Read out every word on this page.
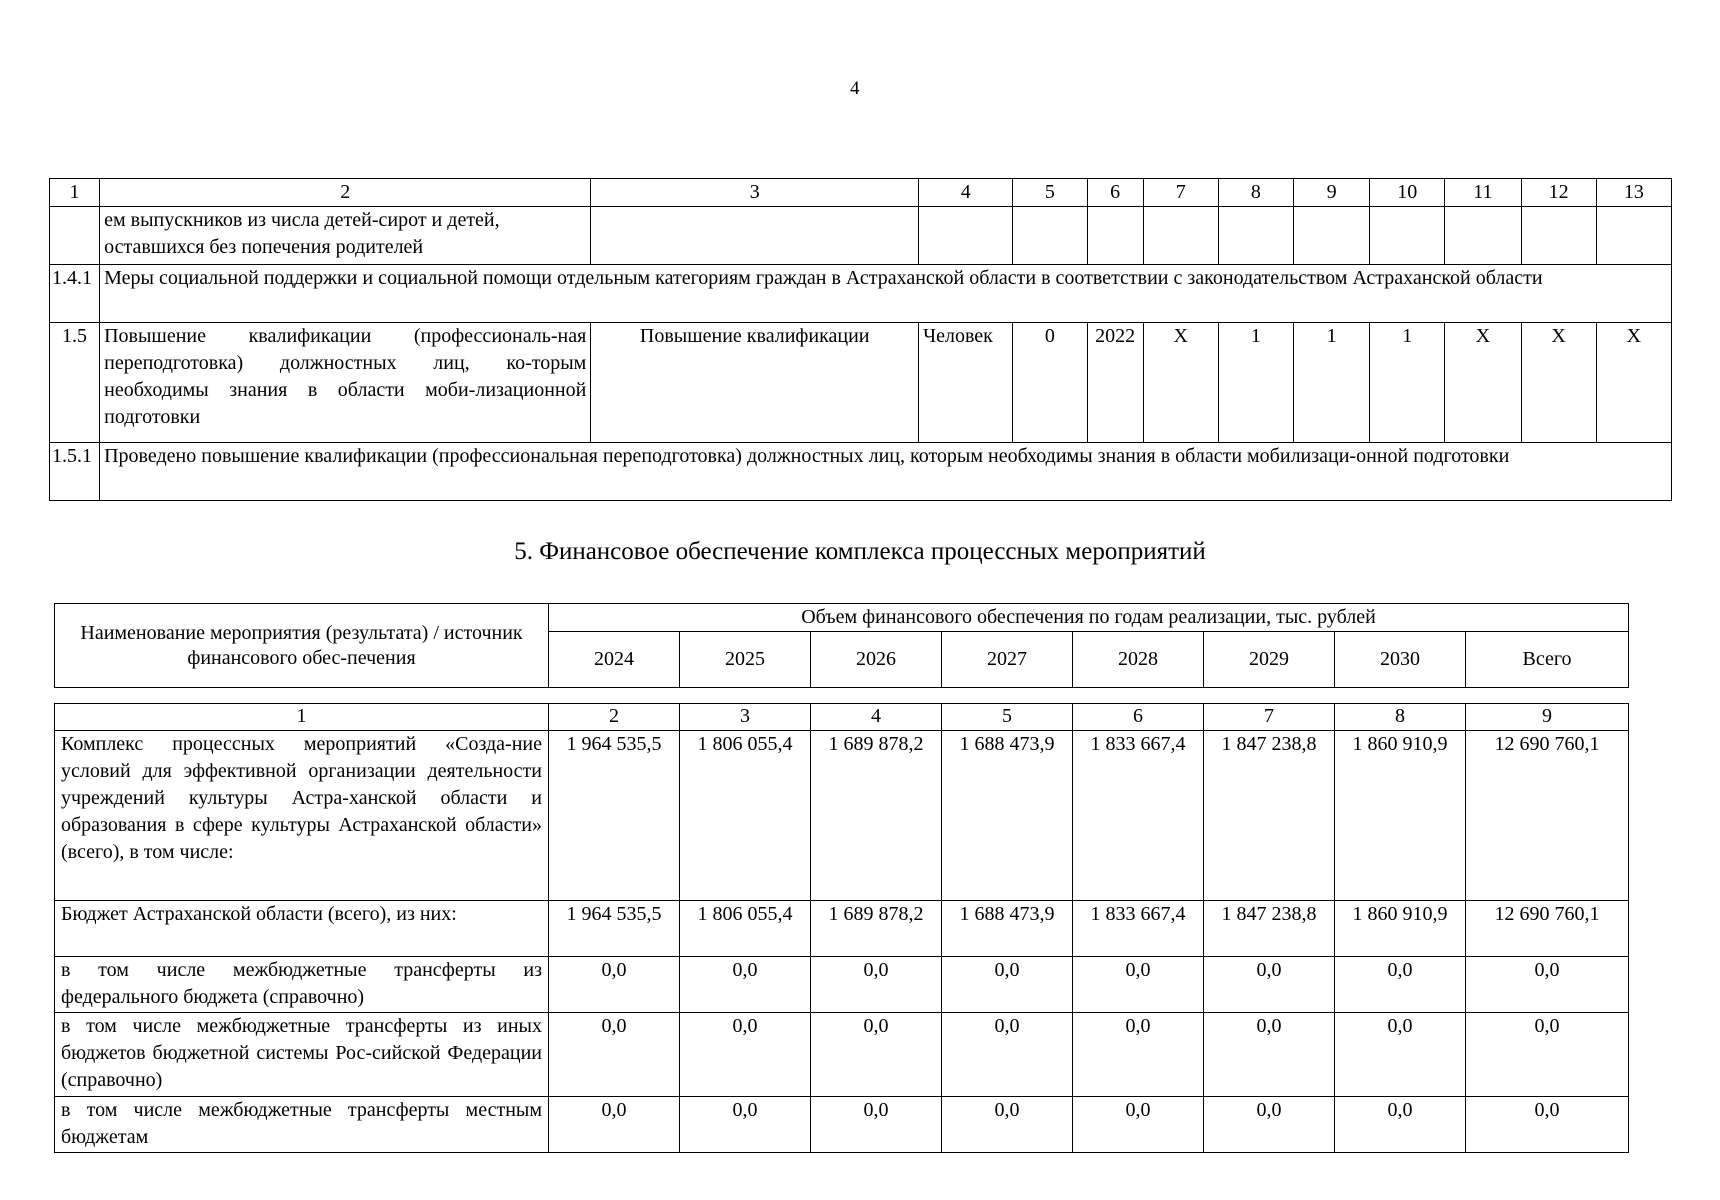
4
1	2	3	4	5	6	7	8	9	10	11	12	13
	ем выпускников из числа детей-сирот и детей, оставшихся без попечения родителей											
1.4.1	Меры социальной поддержки и социальной помощи отдельным категориям граждан в Астраханской области в соответствии с законодательством Астраханской области											
1.5	Повышение квалификации (профессиональ-ная переподготовка) должностных лиц, ко-торым необходимы знания в области моби-лизационной подготовки	Повышение квалификации	Человек	0	2022	X	1	1	1	X	X	X
1.5.1	Проведено повышение квалификации (профессиональная переподготовка) должностных лиц, которым необходимы знания в области мобилизаци-онной подготовки											
5. Финансовое обеспечение комплекса процессных мероприятий
Наименование мероприятия (результата) / источник финансового обес-печения	Объем финансового обеспечения по годам реализации, тыс. рублей							
	2024	2025	2026	2027	2028	2029	2030	Всего
1	2	3	4	5	6	7	8	9
Комплекс процессных мероприятий «Созда-ние условий для эффективной организации деятельности учреждений культуры Астра-ханской области и образования в сфере культуры Астраханской области» (всего), в том числе:	1 964 535,5	1 806 055,4	1 689 878,2	1 688 473,9	1 833 667,4	1 847 238,8	1 860 910,9	12 690 760,1
Бюджет Астраханской области (всего), из них:	1 964 535,5	1 806 055,4	1 689 878,2	1 688 473,9	1 833 667,4	1 847 238,8	1 860 910,9	12 690 760,1
в том числе межбюджетные трансферты из федерального бюджета (справочно)	0,0	0,0	0,0	0,0	0,0	0,0	0,0	0,0
в том числе межбюджетные трансферты из иных бюджетов бюджетной системы Рос-сийской Федерации (справочно)	0,0	0,0	0,0	0,0	0,0	0,0	0,0	0,0
в том числе межбюджетные трансферты местным бюджетам	0,0	0,0	0,0	0,0	0,0	0,0	0,0	0,0
